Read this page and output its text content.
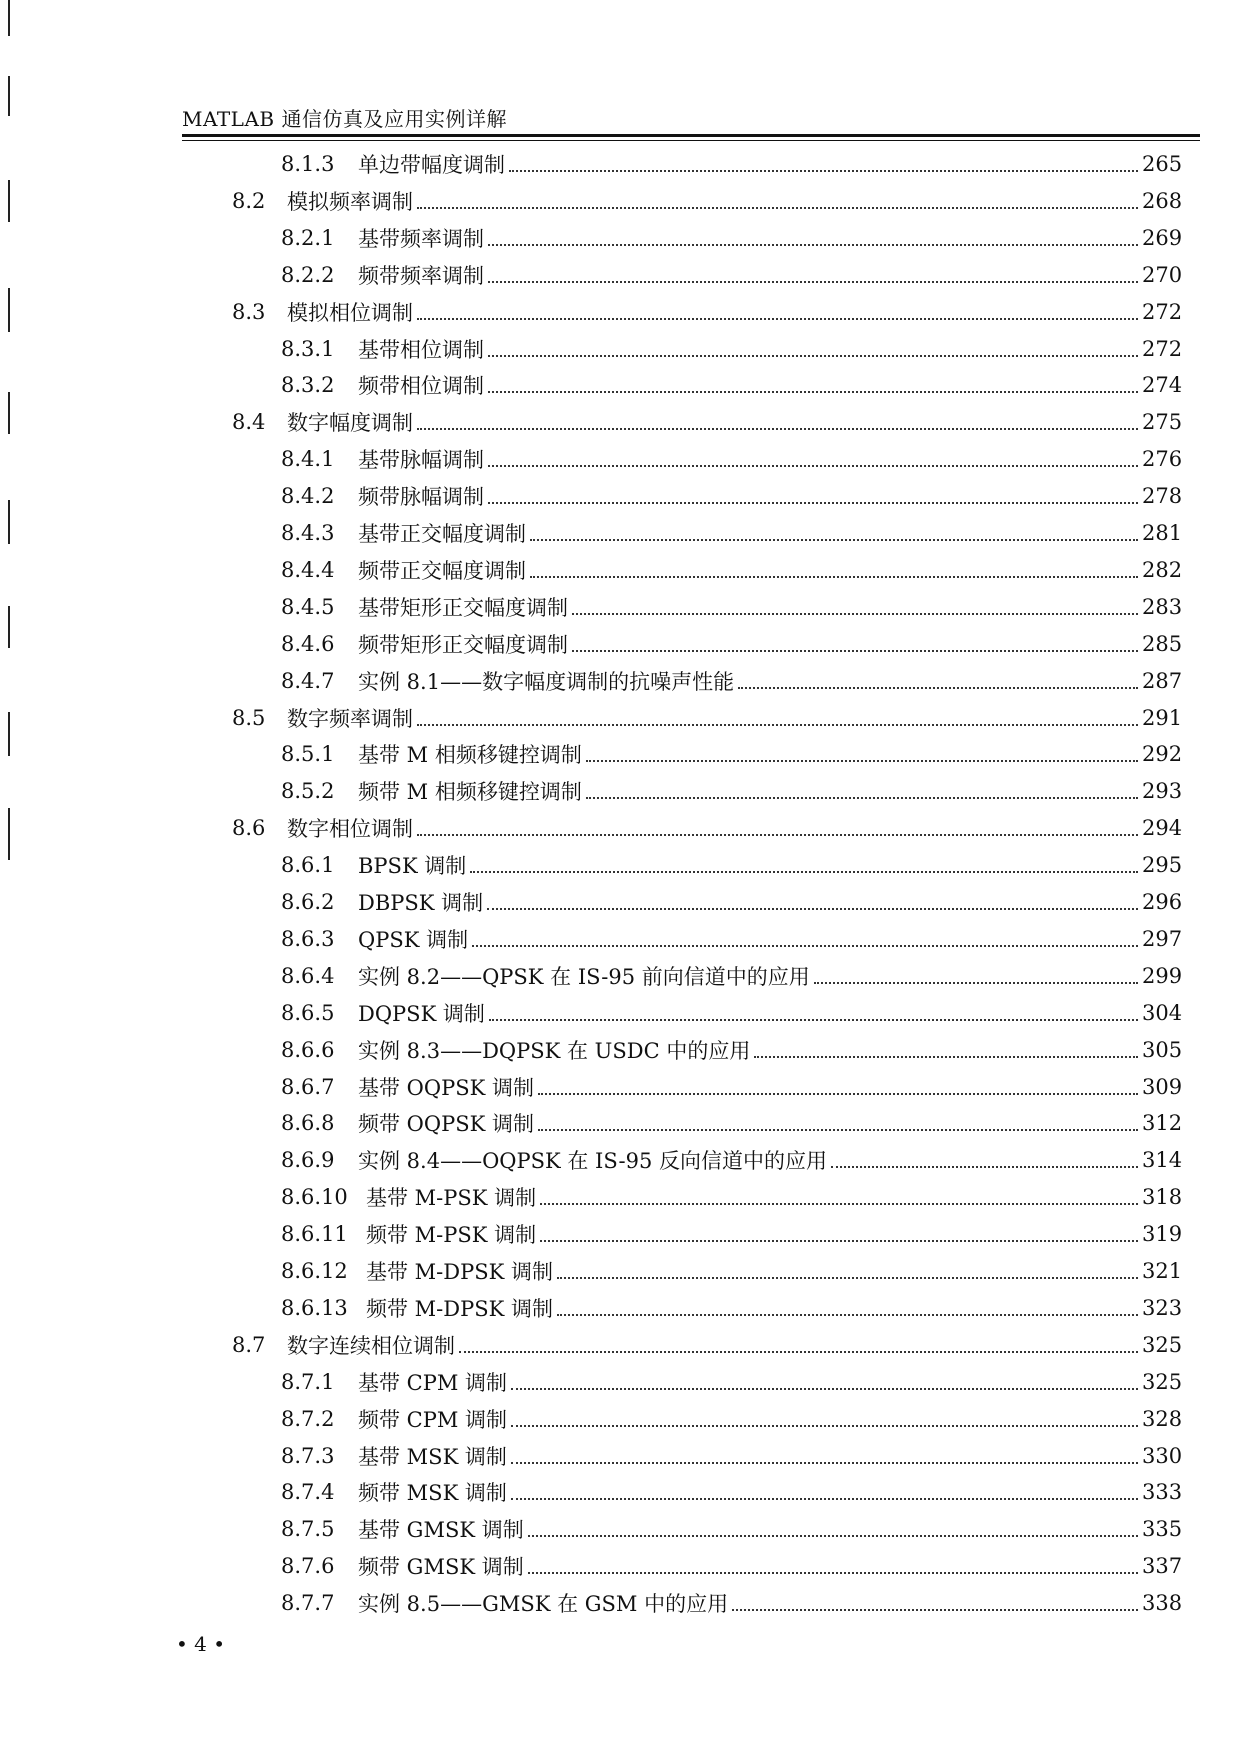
MATLAB 通信仿真及应用实例详解
8.1.3	单边带幅度调制	265
8.2	模拟频率调制	268
8.2.1	基带频率调制	269
8.2.2	频带频率调制	270
8.3	模拟相位调制	272
8.3.1	基带相位调制	272
8.3.2	频带相位调制	274
8.4	数字幅度调制	275
8.4.1	基带脉幅调制	276
8.4.2	频带脉幅调制	278
8.4.3	基带正交幅度调制	281
8.4.4	频带正交幅度调制	282
8.4.5	基带矩形正交幅度调制	283
8.4.6	频带矩形正交幅度调制	285
8.4.7	实例 8.1——数字幅度调制的抗噪声性能	287
8.5	数字频率调制	291
8.5.1	基带 M 相频移键控调制	292
8.5.2	频带 M 相频移键控调制	293
8.6	数字相位调制	294
8.6.1	BPSK 调制	295
8.6.2	DBPSK 调制	296
8.6.3	QPSK 调制	297
8.6.4	实例 8.2——QPSK 在 IS-95 前向信道中的应用	299
8.6.5	DQPSK 调制	304
8.6.6	实例 8.3——DQPSK 在 USDC 中的应用	305
8.6.7	基带 OQPSK 调制	309
8.6.8	频带 OQPSK 调制	312
8.6.9	实例 8.4——OQPSK 在 IS-95 反向信道中的应用	314
8.6.10 基带 M-PSK 调制	318
8.6.11 频带 M-PSK 调制	319
8.6.12 基带 M-DPSK 调制	321
8.6.13 频带 M-DPSK 调制	323
8.7	数字连续相位调制	325
8.7.1	基带 CPM 调制	325
8.7.2	频带 CPM 调制	328
8.7.3	基带 MSK 调制	330
8.7.4	频带 MSK 调制	333
8.7.5	基带 GMSK 调制	335
8.7.6	频带 GMSK 调制	337
8.7.7	实例 8.5——GMSK 在 GSM 中的应用	338
• 4 •
